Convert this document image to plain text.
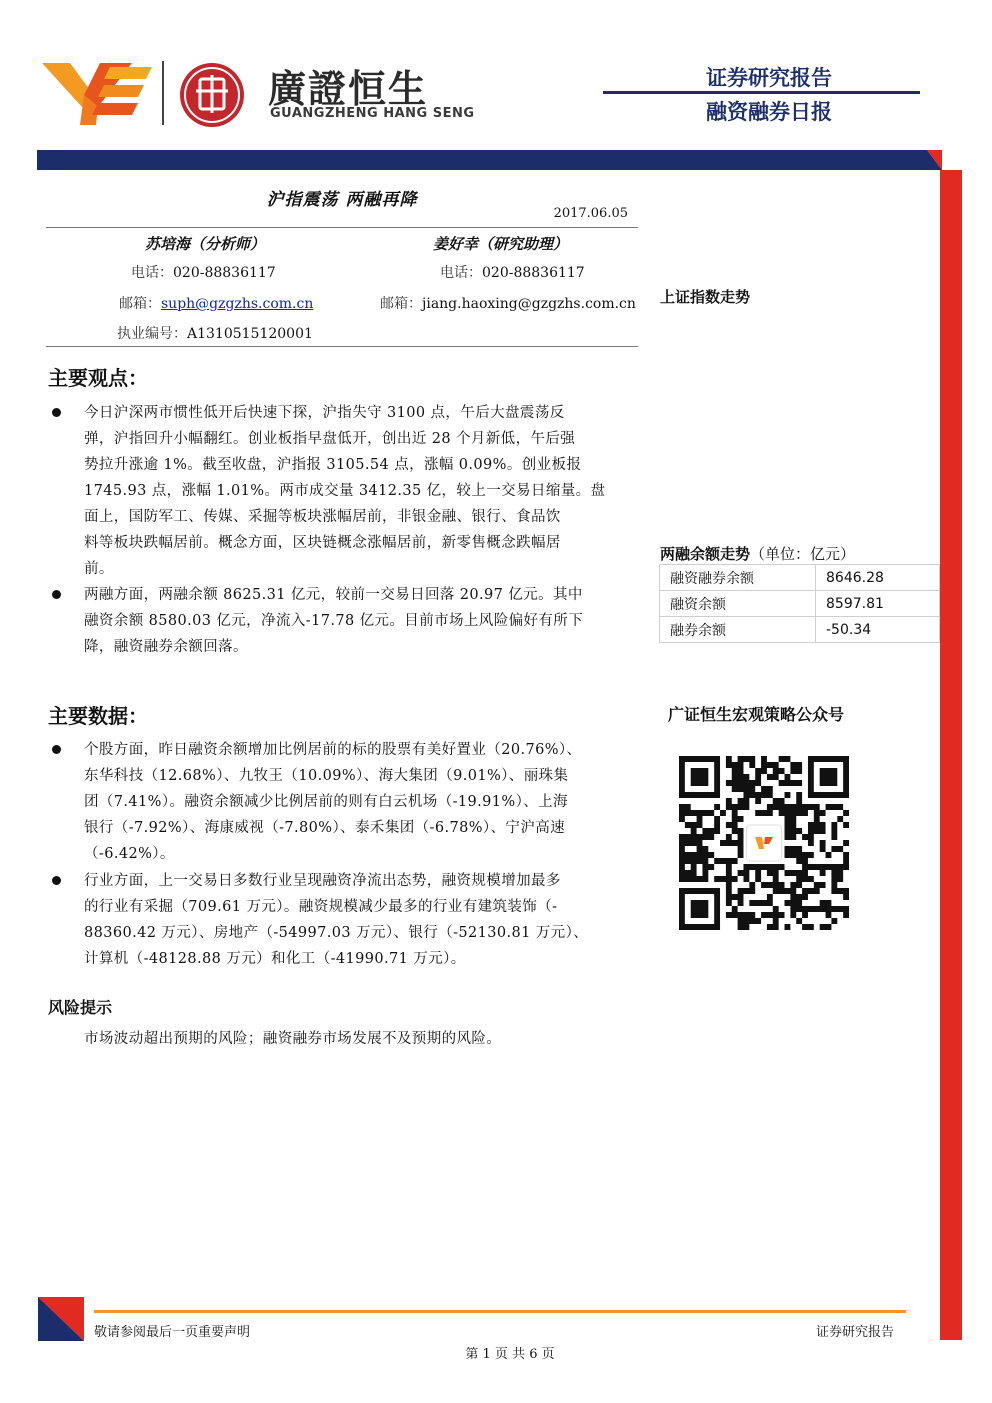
廣證恒生
GUANGZHENG HANG SENG
证券研究报告
融资融券日报
沪指震荡 两融再降
2017.06.05
苏培海（分析师）
电话：020-88836117
邮箱：suph@gzgzhs.com.cn
执业编号：A1310515120001
姜好幸（研究助理）
电话：020-88836117
邮箱：jiang.haoxing@gzgzhs.com.cn
主要观点：
今日沪深两市惯性低开后快速下探，沪指失守 3100 点，午后大盘震荡反
弹，沪指回升小幅翻红。创业板指早盘低开，创出近 28 个月新低，午后强
势拉升涨逾 1%。截至收盘，沪指报 3105.54 点，涨幅 0.09%。创业板报
1745.93 点，涨幅 1.01%。两市成交量 3412.35 亿，较上一交易日缩量。盘
面上，国防军工、传媒、采掘等板块涨幅居前，非银金融、银行、食品饮
料等板块跌幅居前。概念方面，区块链概念涨幅居前，新零售概念跌幅居
前。
两融方面，两融余额 8625.31 亿元，较前一交易日回落 20.97 亿元。其中
融资余额 8580.03 亿元，净流入-17.78 亿元。目前市场上风险偏好有所下
降，融资融券余额回落。
主要数据：
个股方面，昨日融资余额增加比例居前的标的股票有美好置业（20.76%）、
东华科技（12.68%）、九牧王（10.09%）、海大集团（9.01%）、丽珠集
团（7.41%）。融资余额减少比例居前的则有白云机场（-19.91%）、上海
银行（-7.92%）、海康威视（-7.80%）、泰禾集团（-6.78%）、宁沪高速
（-6.42%）。
行业方面，上一交易日多数行业呈现融资净流出态势，融资规模增加最多
的行业有采掘（709.61 万元）。融资规模减少最多的行业有建筑装饰（-
88360.42 万元）、房地产（-54997.03 万元）、银行（-52130.81 万元）、
计算机（-48128.88 万元）和化工（-41990.71 万元）。
风险提示
市场波动超出预期的风险；融资融券市场发展不及预期的风险。
上证指数走势
两融余额走势（单位：亿元）
融资融券余额	8646.28
融资余额	8597.81
融券余额	-50.34
广证恒生宏观策略公众号
敬请参阅最后一页重要声明	证券研究报告
第 1 页 共 6 页
